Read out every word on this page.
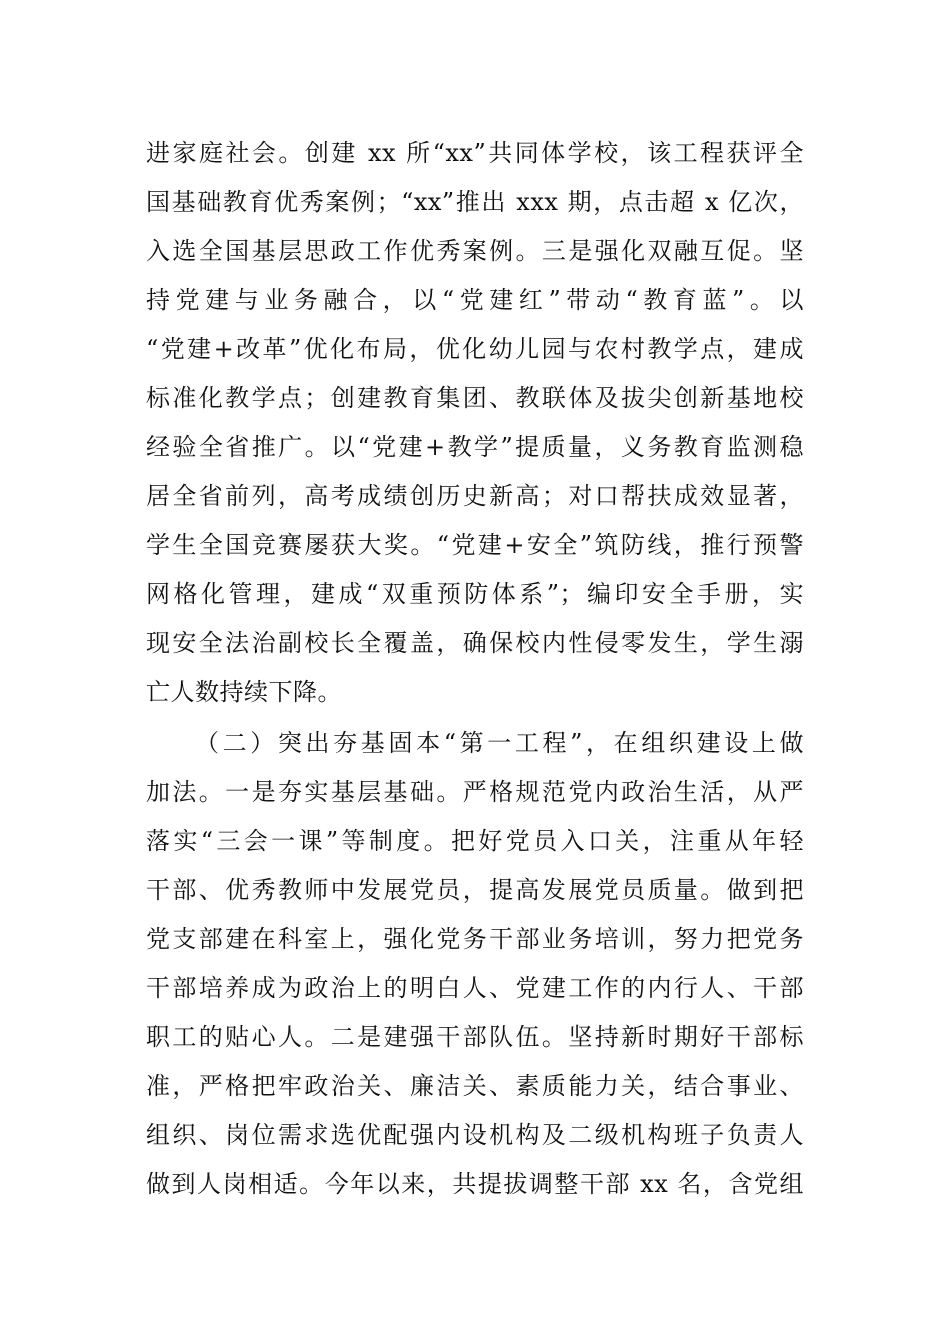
进家庭社会。创建 xx 所“xx”共同体学校，该工程获评全
国基础教育优秀案例；“xx”推出 xxx 期，点击超 x 亿次，
入选全国基层思政工作优秀案例。三是强化双融互促。坚
持党建与业务融合，以“党建红”带动“教育蓝”。以
“党建+改革”优化布局，优化幼儿园与农村教学点，建成
标准化教学点；创建教育集团、教联体及拔尖创新基地校
经验全省推广。以“党建+教学”提质量，义务教育监测稳
居全省前列，高考成绩创历史新高；对口帮扶成效显著，
学生全国竞赛屡获大奖。“党建+安全”筑防线，推行预警
网格化管理，建成“双重预防体系”；编印安全手册，实
现安全法治副校长全覆盖，确保校内性侵零发生，学生溺
亡人数持续下降。
（二）突出夯基固本“第一工程”，在组织建设上做
加法。一是夯实基层基础。严格规范党内政治生活，从严
落实“三会一课”等制度。把好党员入口关，注重从年轻
干部、优秀教师中发展党员，提高发展党员质量。做到把
党支部建在科室上，强化党务干部业务培训，努力把党务
干部培养成为政治上的明白人、党建工作的内行人、干部
职工的贴心人。二是建强干部队伍。坚持新时期好干部标
准，严格把牢政治关、廉洁关、素质能力关，结合事业、
组织、岗位需求选优配强内设机构及二级机构班子负责人
做到人岗相适。今年以来，共提拔调整干部 xx 名，含党组
